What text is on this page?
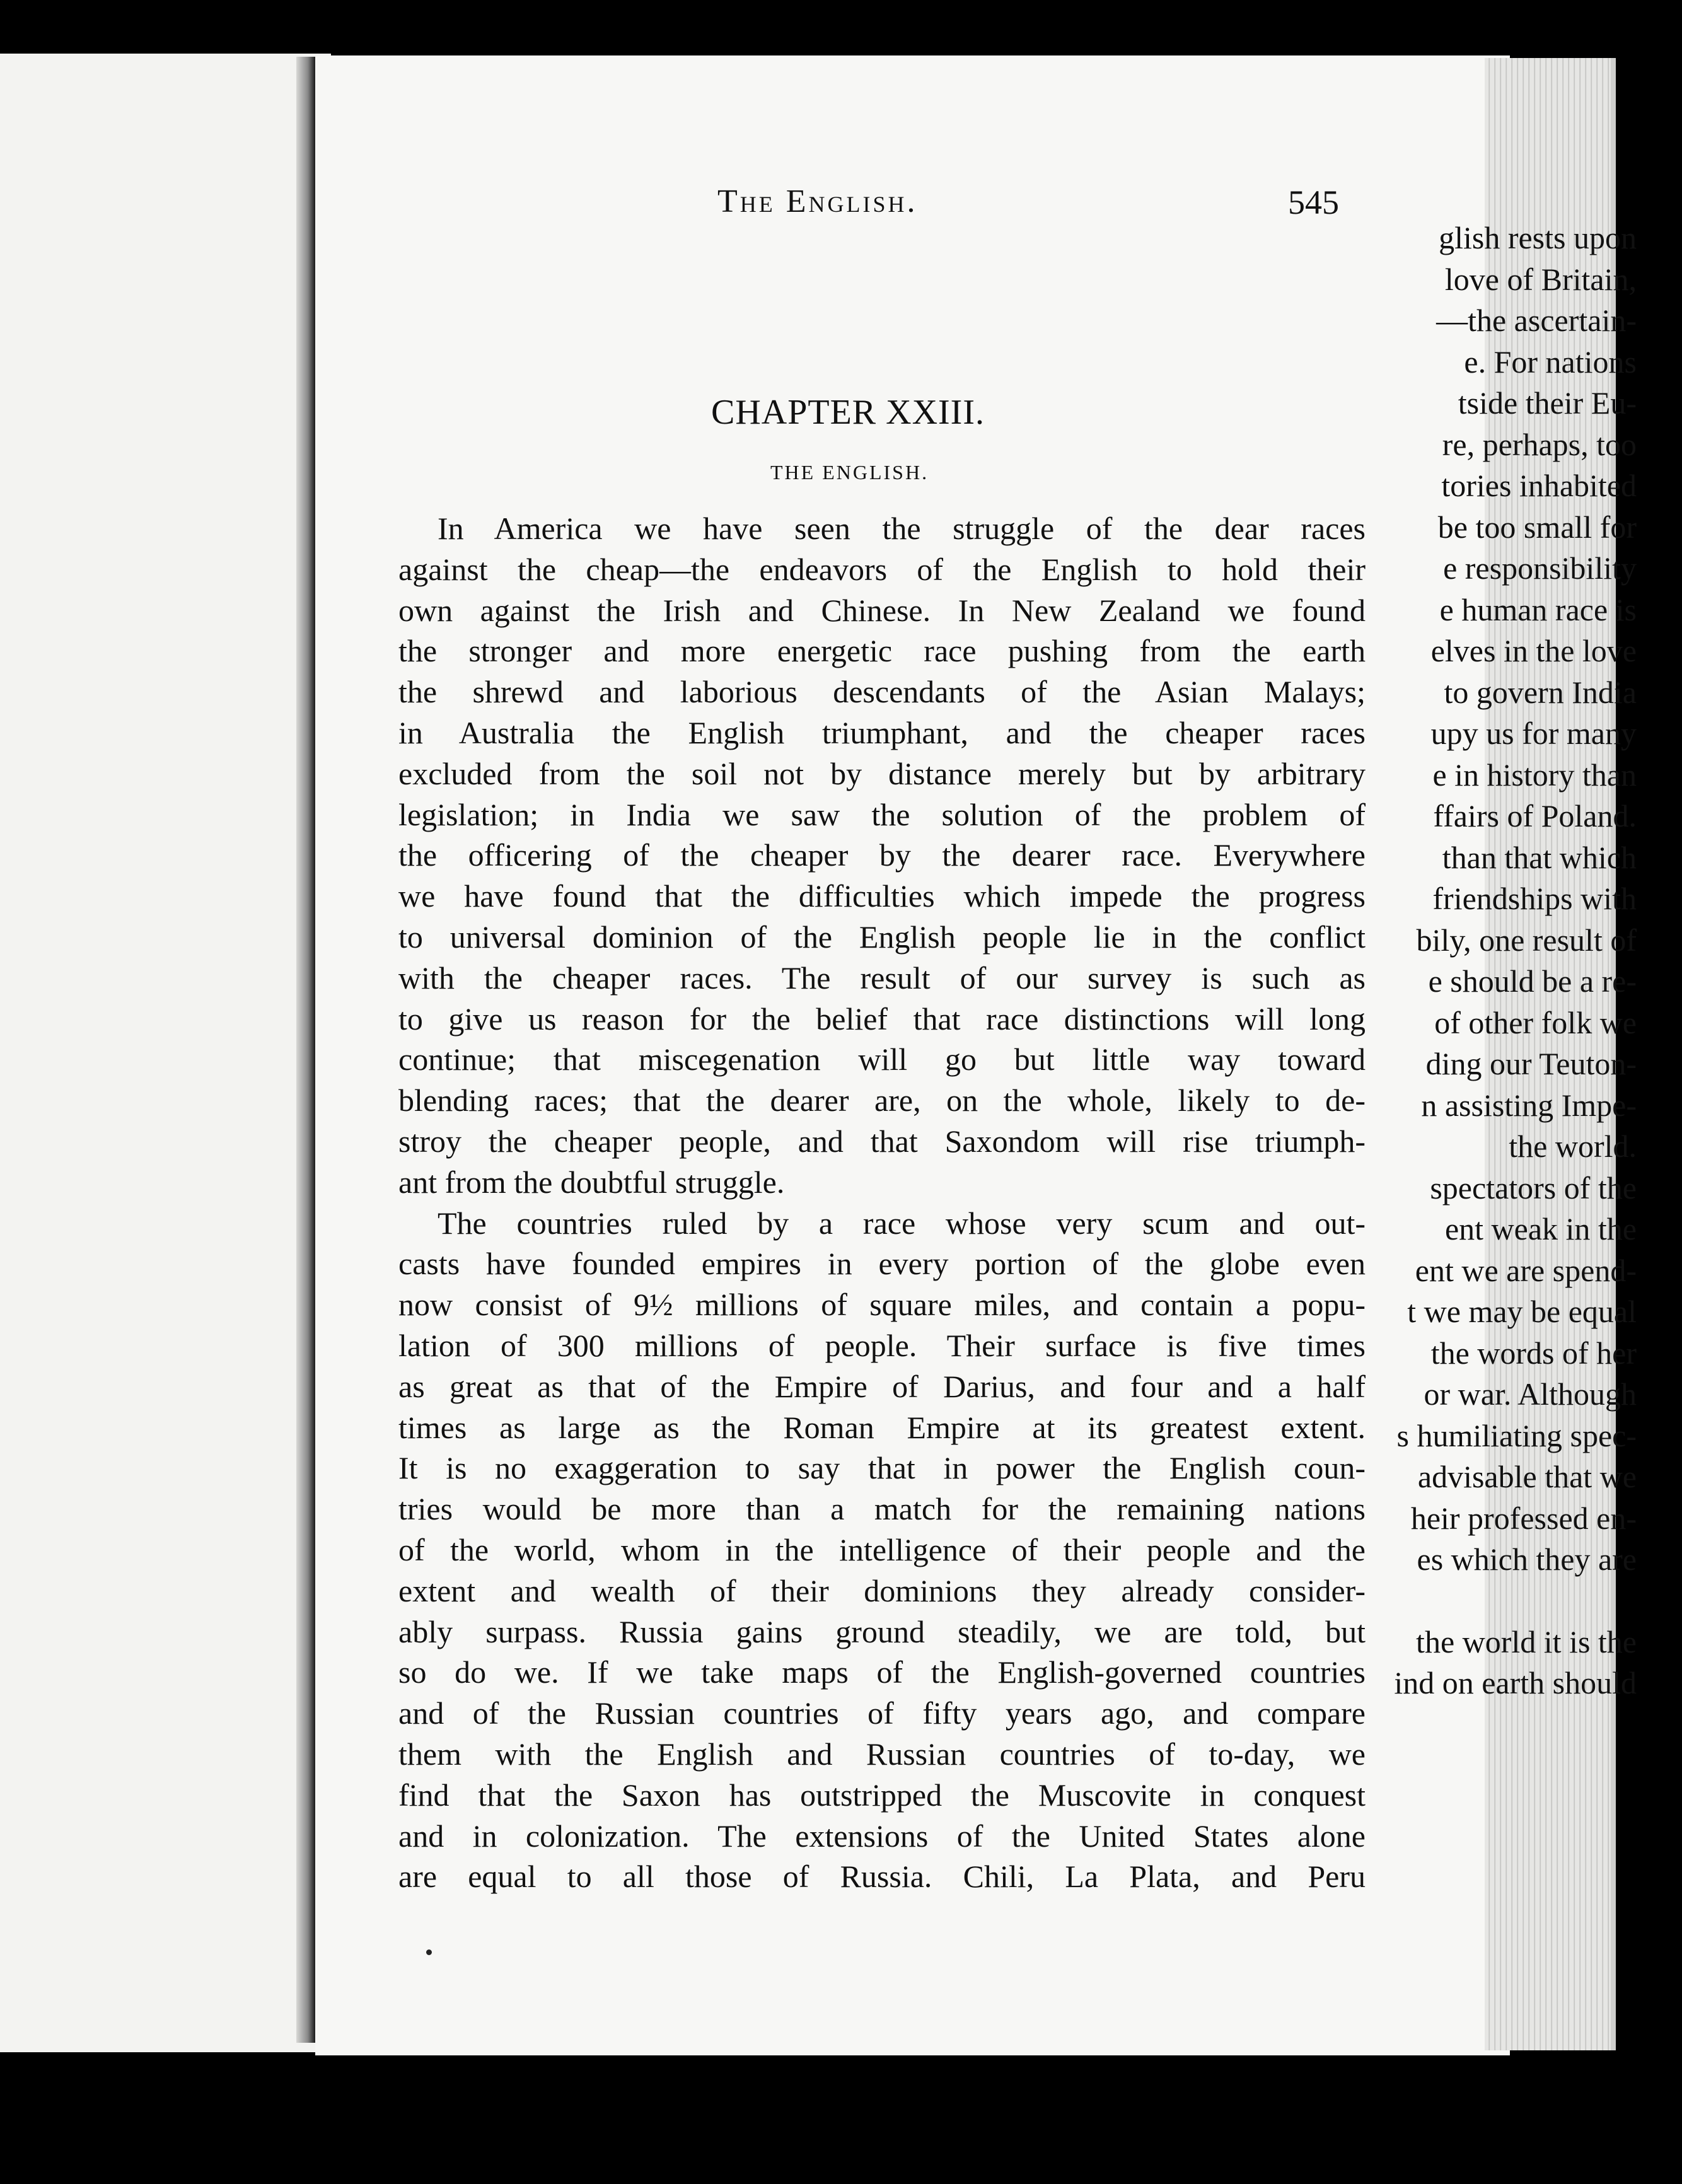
glish rests upon
love of Britain,
—the ascertain-
e. For nations
tside their Eu-
re, perhaps, too
tories inhabited
be too small for
e responsibility
e human race is
elves in the love
to govern India
upy us for many
e in history than
ffairs of Poland.
than that which
friendships with
bily, one result of
e should be a re-
of other folk we
ding our Teuton-
n assisting Impe-
the world.
spectators of the
ent weak in the
ent we are spend-
t we may be equal
the words of her
or war. Although
s humiliating spec-
advisable that we
heir professed en-
es which they are
the world it is the
ind on earth should
The English.	545
CHAPTER XXIII.
THE ENGLISH.
In America we have seen the struggle of the dear races
against the cheap—the endeavors of the English to hold their
own against the Irish and Chinese. In New Zealand we found
the stronger and more energetic race pushing from the earth
the shrewd and laborious descendants of the Asian Malays;
in Australia the English triumphant, and the cheaper races
excluded from the soil not by distance merely but by arbitrary
legislation; in India we saw the solution of the problem of
the officering of the cheaper by the dearer race. Everywhere
we have found that the difficulties which impede the progress
to universal dominion of the English people lie in the conflict
with the cheaper races. The result of our survey is such as
to give us reason for the belief that race distinctions will long
continue; that miscegenation will go but little way toward
blending races; that the dearer are, on the whole, likely to de-
stroy the cheaper people, and that Saxondom will rise triumph-
ant from the doubtful struggle.
The countries ruled by a race whose very scum and out-
casts have founded empires in every portion of the globe even
now consist of 9½ millions of square miles, and contain a popu-
lation of 300 millions of people. Their surface is five times
as great as that of the Empire of Darius, and four and a half
times as large as the Roman Empire at its greatest extent.
It is no exaggeration to say that in power the English coun-
tries would be more than a match for the remaining nations
of the world, whom in the intelligence of their people and the
extent and wealth of their dominions they already consider-
ably surpass. Russia gains ground steadily, we are told, but
so do we. If we take maps of the English-governed countries
and of the Russian countries of fifty years ago, and compare
them with the English and Russian countries of to-day, we
find that the Saxon has outstripped the Muscovite in conquest
and in colonization. The extensions of the United States alone
are equal to all those of Russia. Chili, La Plata, and Peru
